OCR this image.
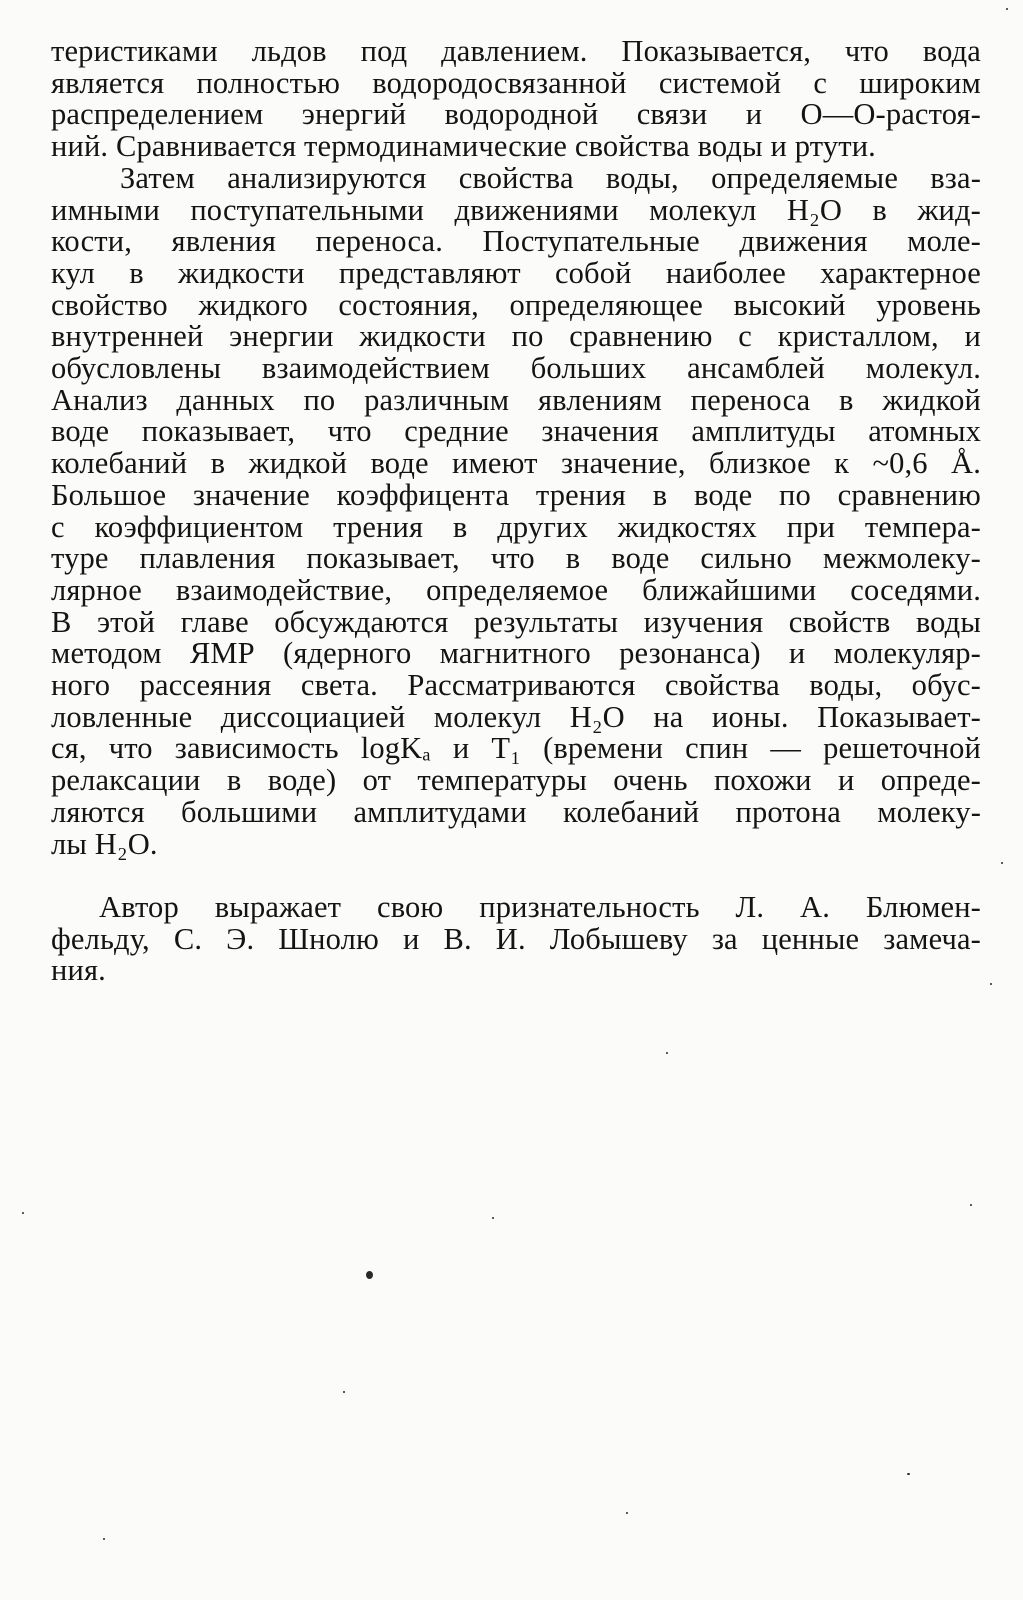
теристиками льдов под давлением. Показывается, что вода
является полностью водородосвязанной системой с широким
распределением энергий водородной связи и O—O-растоя-
ний. Сравнивается термодинамические свойства воды и ртути.
Затем анализируются свойства воды, определяемые вза-
имными поступательными движениями молекул H₂O в жид-
кости, явления переноса. Поступательные движения моле-
кул в жидкости представляют собой наиболее характерное
свойство жидкого состояния, определяющее высокий уровень
внутренней энергии жидкости по сравнению с кристаллом, и
обусловлены взаимодействием больших ансамблей молекул.
Анализ данных по различным явлениям переноса в жидкой
воде показывает, что средние значения амплитуды атомных
колебаний в жидкой воде имеют значение, близкое к ~0,6 Å.
Большое значение коэффицента трения в воде по сравнению
с коэффициентом трения в других жидкостях при темпера-
туре плавления показывает, что в воде сильно межмолеку-
лярное взаимодействие, определяемое ближайшими соседями.
В этой главе обсуждаются результаты изучения свойств воды
методом ЯМР (ядерного магнитного резонанса) и молекуляр-
ного рассеяния света. Рассматриваются свойства воды, обус-
ловленные диссоциацией молекул H₂O на ионы. Показывает-
ся, что зависимость logKₐ и T₁ (времени спин — решеточной
релаксации в воде) от температуры очень похожи и опреде-
ляются большими амплитудами колебаний протона молеку-
лы H₂O.
Автор выражает свою признательность Л. А. Блюмен-
фельду, С. Э. Шнолю и В. И. Лобышеву за ценные замеча-
ния.
